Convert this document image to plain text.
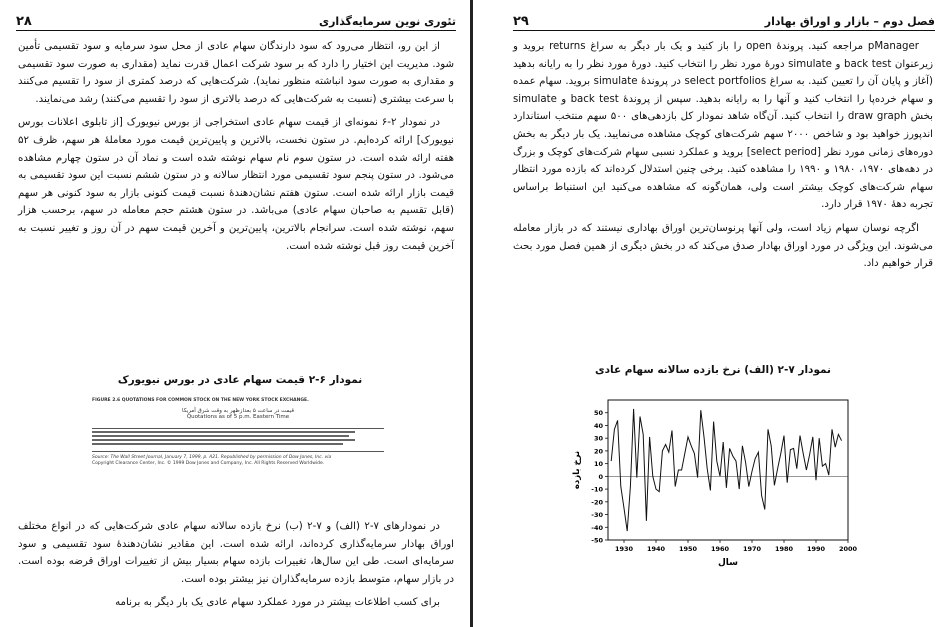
۲۸	تئوری نوین سرمایه‌گذاری

از این رو، انتظار می‌رود که سود دارندگان سهام عادی از محل سود سرمایه و سود تقسیمی تأمین شود. مدیریت این اختیار را دارد که بر سود شرکت اعمال قدرت نماید (مقداری به صورت سود تقسیمی و مقداری به صورت سود انباشته منظور نماید). شرکت‌هایی که درصد کمتری از سود را تقسیم می‌کنند با سرعت بیشتری (نسبت به شرکت‌هایی که درصد بالاتری از سود را تقسیم می‌کنند) رشد می‌نمایند.

در نمودار ۲-۶ نمونه‌ای از قیمت سهام عادی استخراجی از بورس نیویورک [از تابلوی اعلانات بورس نیویورک] ارائه کرده‌ایم. در ستون نخست، بالاترین و پایین‌ترین قیمت مورد معاملهٔ هر سهم، ظرف ۵۲ هفته ارائه شده است. در ستون سوم نام سهام نوشته شده است و نماد آن در ستون چهارم مشاهده می‌شود. در ستون پنجم سود تقسیمی مورد انتظار سالانه و در ستون ششم نسبت این سود تقسیمی به قیمت بازار ارائه شده است. ستون هفتم نشان‌دهندهٔ نسبت قیمت کنونی بازار به سود کنونی هر سهم (قابل تقسیم به صاحبان سهام عادی) می‌باشد. در ستون هشتم حجم معامله در سهم، برحسب هزار سهم، نوشته شده است. سرانجام بالاترین، پایین‌ترین و آخرین قیمت سهم در آن روز و تغییر نسبت به آخرین قیمت روز قبل نوشته شده است.

نمودار ۶-۲ قیمت سهام عادی در بورس نیویورک
FIGURE 2.6 QUOTATIONS FOR COMMON STOCK ON THE NEW YORK STOCK EXCHANGE.
قیمت در ساعت ۵ بعدازظهر به وقت شرق آمریکا
Quotations as of 5 p.m. Eastern Time
Source: The Wall Street Journal, January 7, 1999, p. A21. Republished by permission of Dow Jones, Inc. via
Copyright Clearance Center, Inc. © 1999 Dow Jones and Company, Inc. All Rights Reserved Worldwide.

در نمودارهای ۷-۲ (الف) و ۷-۲ (ب) نرخ بازده سالانه سهام عادی شرکت‌هایی که در انواع مختلف اوراق بهادار سرمایه‌گذاری کرده‌اند، ارائه شده است. این مقادیر نشان‌دهندهٔ سود تقسیمی و سود سرمایه‌ای است. طی این سال‌ها، تغییرات بازده سهام بسیار بیش از تغییرات اوراق قرضه بوده است. در بازار سهام، متوسط بازده سرمایه‌گذاران نیز بیشتر بوده است.

برای کسب اطلاعات بیشتر در مورد عملکرد سهام عادی یک بار دیگر به برنامه

۲۹	فصل دوم – بازار و اوراق بهادار

pManager مراجعه کنید. پروندهٔ open را باز کنید و یک بار دیگر به سراغ returns بروید و زیرعنوان back test و simulate دورهٔ مورد نظر را انتخاب کنید. دورهٔ مورد نظر را به رایانه بدهید (آغاز و پایان آن را تعیین کنید. به سراغ select portfolios در پروندهٔ simulate بروید. سهام عمده و سهام خرده‌پا را انتخاب کنید و آنها را به رایانه بدهید. سپس از پروندهٔ back test و simulate بخش draw graph را انتخاب کنید. آن‌گاه شاهد نمودار کل بازدهی‌های ۵۰۰ سهم منتخب استاندارد اندپورز خواهید بود و شاخص ۲۰۰۰ سهم شرکت‌های کوچک مشاهده می‌نمایید. یک بار دیگر به بخش دوره‌های زمانی مورد نظر [select period] بروید و عملکرد نسبی سهام شرکت‌های کوچک و بزرگ در دهه‌های ۱۹۷۰، ۱۹۸۰ و ۱۹۹۰ را مشاهده کنید. برخی چنین استدلال کرده‌اند که بازده مورد انتظار سهام شرکت‌های کوچک بیشتر است ولی، همان‌گونه که مشاهده می‌کنید این استنباط براساس تجربه دههٔ ۱۹۷۰ قرار دارد.

اگرچه نوسان سهام زیاد است، ولی آنها پرنوسان‌ترین اوراق بهاداری نیستند که در بازار معامله می‌شوند. این ویژگی در مورد اوراق بهادار صدق می‌کند که در بخش دیگری از همین فصل مورد بحث قرار خواهیم داد.

نمودار ۷-۲ (الف) نرخ بازده سالانه سهام عادی
50
40
30
20
10
0
-10
-20
-30
-40
-50
1930 1940 1950 1960 1970 1980 1990 2000
سال
نرخ بازده
